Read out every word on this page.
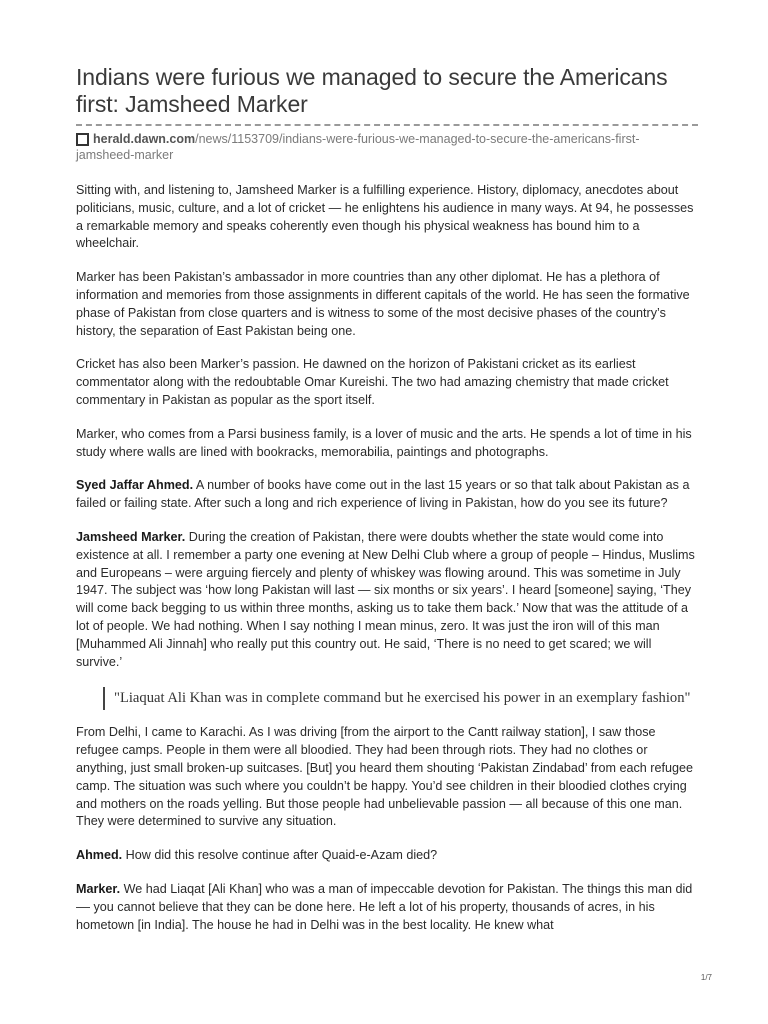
Indians were furious we managed to secure the Americans first: Jamsheed Marker
herald.dawn.com/news/1153709/indians-were-furious-we-managed-to-secure-the-americans-first-jamsheed-marker

Sitting with, and listening to, Jamsheed Marker is a fulfilling experience. History, diplomacy, anecdotes about politicians, music, culture, and a lot of cricket — he enlightens his audience in many ways. At 94, he possesses a remarkable memory and speaks coherently even though his physical weakness has bound him to a wheelchair.

Marker has been Pakistan’s ambassador in more countries than any other diplomat. He has a plethora of information and memories from those assignments in different capitals of the world. He has seen the formative phase of Pakistan from close quarters and is witness to some of the most decisive phases of the country’s history, the separation of East Pakistan being one.

Cricket has also been Marker’s passion. He dawned on the horizon of Pakistani cricket as its earliest commentator along with the redoubtable Omar Kureishi. The two had amazing chemistry that made cricket commentary in Pakistan as popular as the sport itself.

Marker, who comes from a Parsi business family, is a lover of music and the arts. He spends a lot of time in his study where walls are lined with bookracks, memorabilia, paintings and photographs.

Syed Jaffar Ahmed. A number of books have come out in the last 15 years or so that talk about Pakistan as a failed or failing state. After such a long and rich experience of living in Pakistan, how do you see its future?

Jamsheed Marker. During the creation of Pakistan, there were doubts whether the state would come into existence at all. I remember a party one evening at New Delhi Club where a group of people – Hindus, Muslims and Europeans – were arguing fiercely and plenty of whiskey was flowing around. This was sometime in July 1947. The subject was ‘how long Pakistan will last — six months or six years’. I heard [someone] saying, ‘They will come back begging to us within three months, asking us to take them back.’ Now that was the attitude of a lot of people. We had nothing. When I say nothing I mean minus, zero. It was just the iron will of this man [Muhammed Ali Jinnah] who really put this country out. He said, ‘There is no need to get scared; we will survive.’

"Liaquat Ali Khan was in complete command but he exercised his power in an exemplary fashion"

From Delhi, I came to Karachi. As I was driving [from the airport to the Cantt railway station], I saw those refugee camps. People in them were all bloodied. They had been through riots. They had no clothes or anything, just small broken-up suitcases. [But] you heard them shouting ‘Pakistan Zindabad’ from each refugee camp. The situation was such where you couldn’t be happy. You’d see children in their bloodied clothes crying and mothers on the roads yelling. But those people had unbelievable passion — all because of this one man. They were determined to survive any situation.

Ahmed. How did this resolve continue after Quaid-e-Azam died?

Marker. We had Liaqat [Ali Khan] who was a man of impeccable devotion for Pakistan. The things this man did –– you cannot believe that they can be done here. He left a lot of his property, thousands of acres, in his hometown [in India]. The house he had in Delhi was in the best locality. He knew what

1/7
